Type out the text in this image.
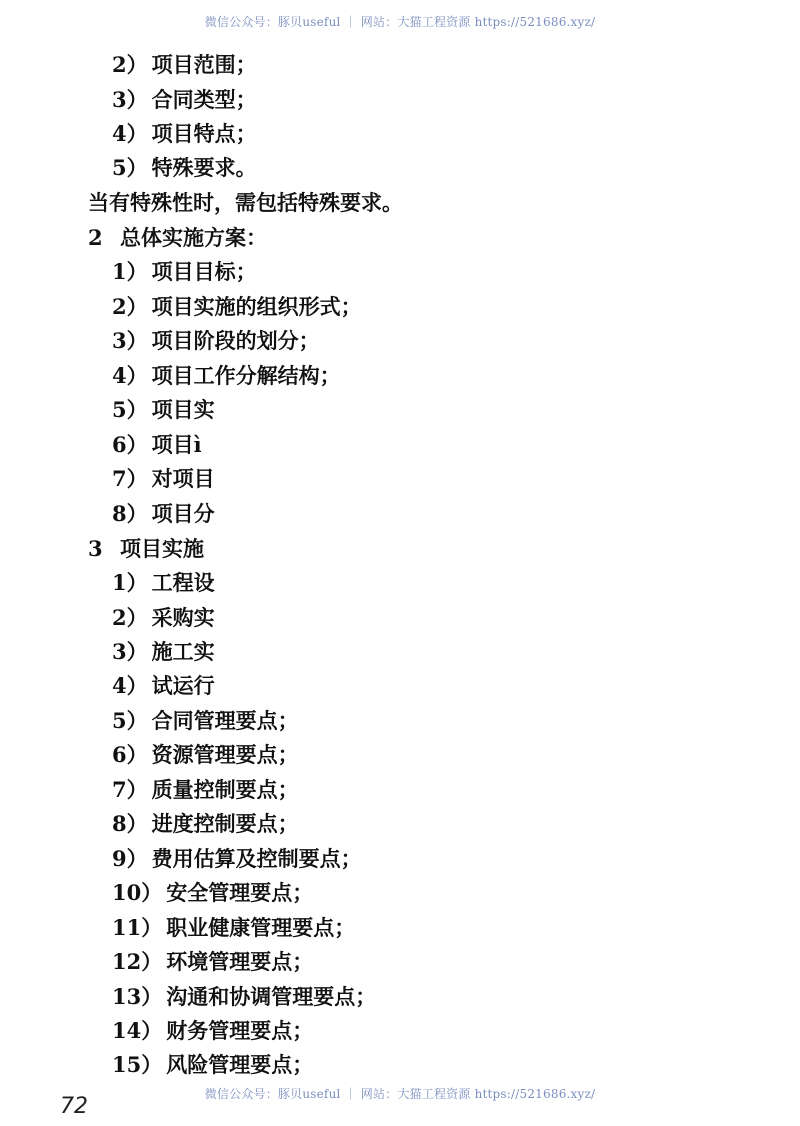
微信公众号：豚贝useful ｜ 网站：大猫工程资源 https://521686.xyz/
2） 项目范围；
3） 合同类型；
4） 项目特点；
5） 特殊要求。
当有特殊性时，需包括特殊要求。
2 总体实施方案：
1） 项目目标；
2） 项目实施的组织形式；
3） 项目阶段的划分；
4） 项目工作分解结构；
5） 项目实
6） 项目ì
7） 对项目
8） 项目分
3 项目实施
1） 工程设
2） 采购实
3） 施工实
4） 试运行
5） 合同管理要点；
6） 资源管理要点；
7） 质量控制要点；
8） 进度控制要点；
9） 费用估算及控制要点；
10） 安全管理要点；
11） 职业健康管理要点；
12） 环境管理要点；
13） 沟通和协调管理要点；
14） 财务管理要点；
15） 风险管理要点；
微信公众号：豚贝useful ｜ 网站：大猫工程资源 https://521686.xyz/
72
